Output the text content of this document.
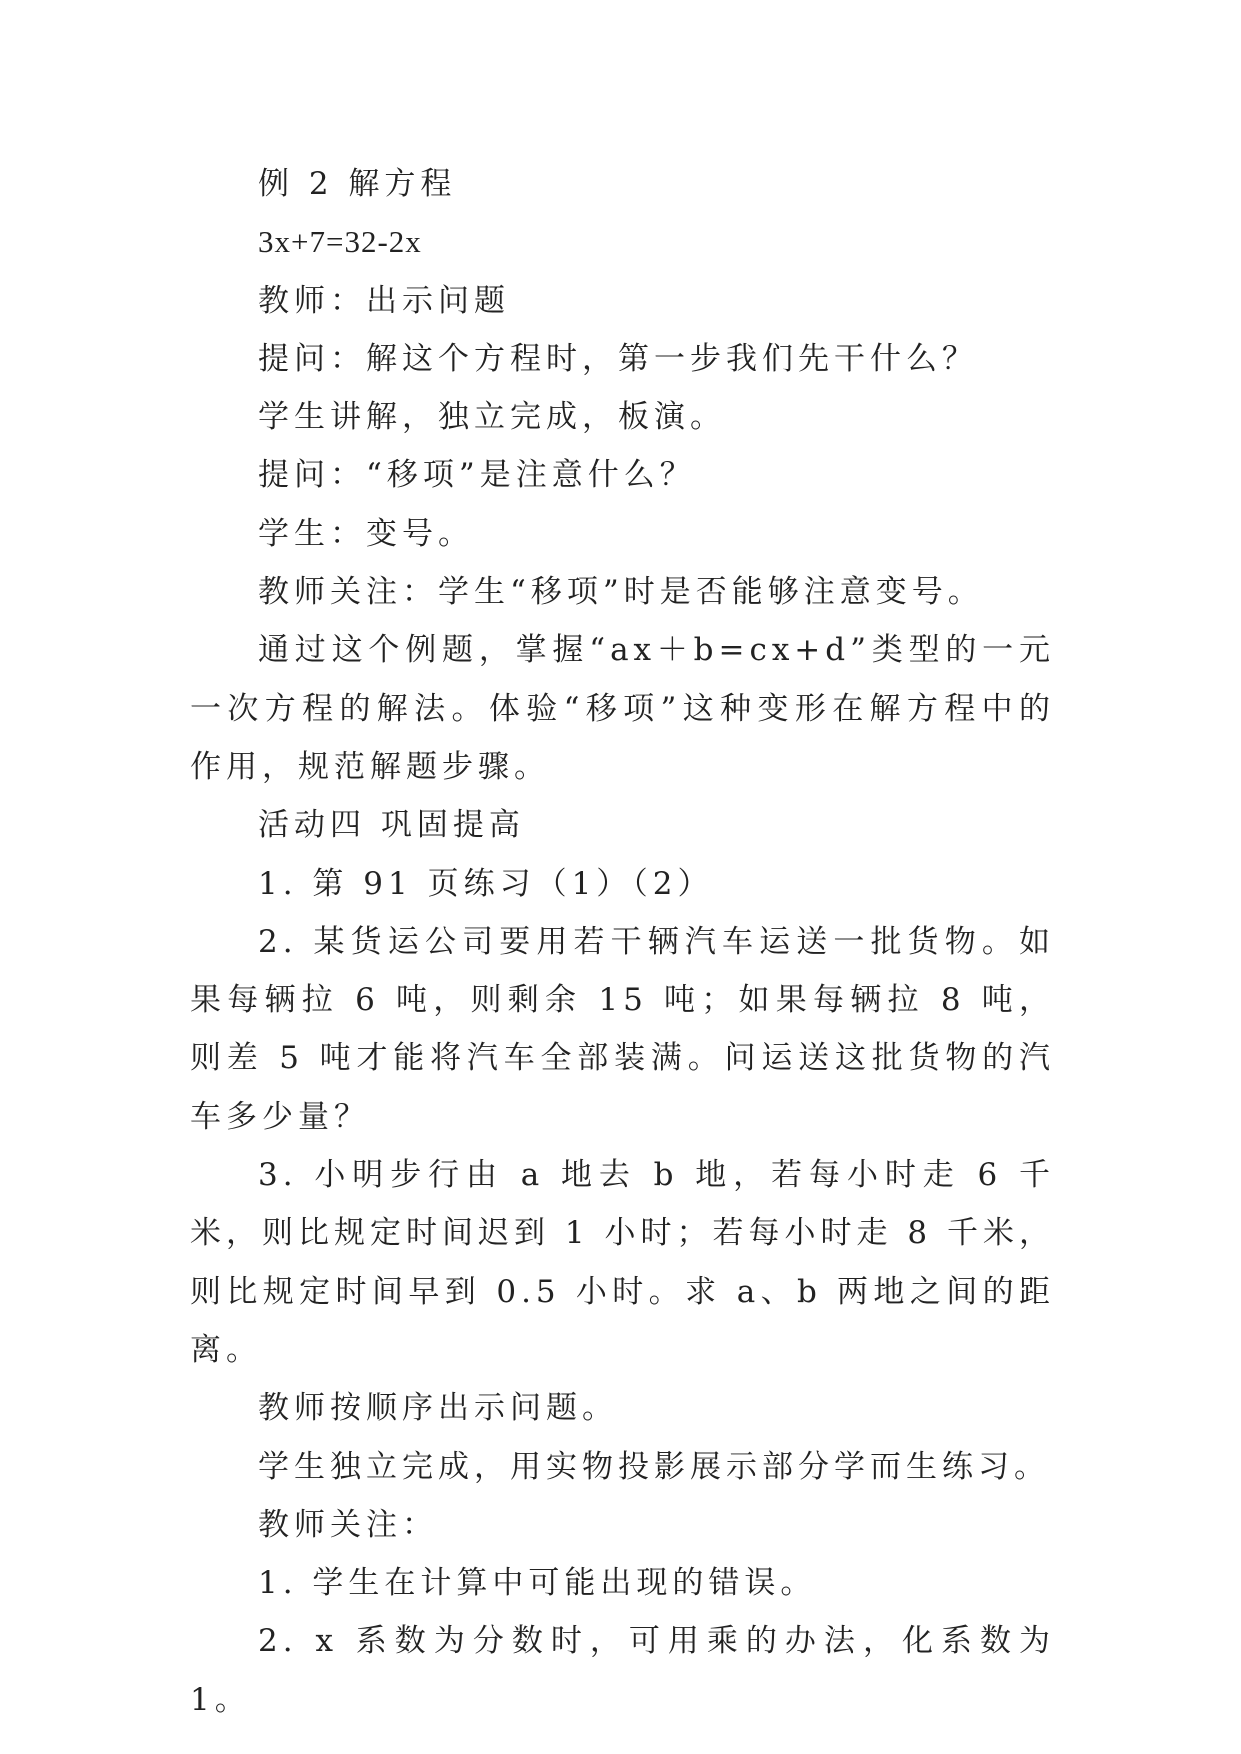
例 2 解方程

3x+7=32-2x

教师：出示问题

提问：解这个方程时，第一步我们先干什么？

学生讲解，独立完成，板演。

提问：“移项”是注意什么？

学生：变号。

教师关注：学生“移项”时是否能够注意变号。

通过这个例题，掌握“ax＋b=cx+d”类型的一元一次方程的解法。体验“移项”这种变形在解方程中的作用，规范解题步骤。

活动四 巩固提高

1. 第 91 页练习（1）（2）

2. 某货运公司要用若干辆汽车运送一批货物。如果每辆拉 6 吨，则剩余 15 吨；如果每辆拉 8 吨，则差 5 吨才能将汽车全部装满。问运送这批货物的汽车多少量？

3. 小明步行由 a 地去 b 地，若每小时走 6 千米，则比规定时间迟到 1 小时；若每小时走 8 千米，则比规定时间早到 0.5 小时。求 a、b 两地之间的距离。

教师按顺序出示问题。

学生独立完成，用实物投影展示部分学而生练习。

教师关注：

1. 学生在计算中可能出现的错误。

2. x 系数为分数时，可用乘的办法，化系数为 1。
